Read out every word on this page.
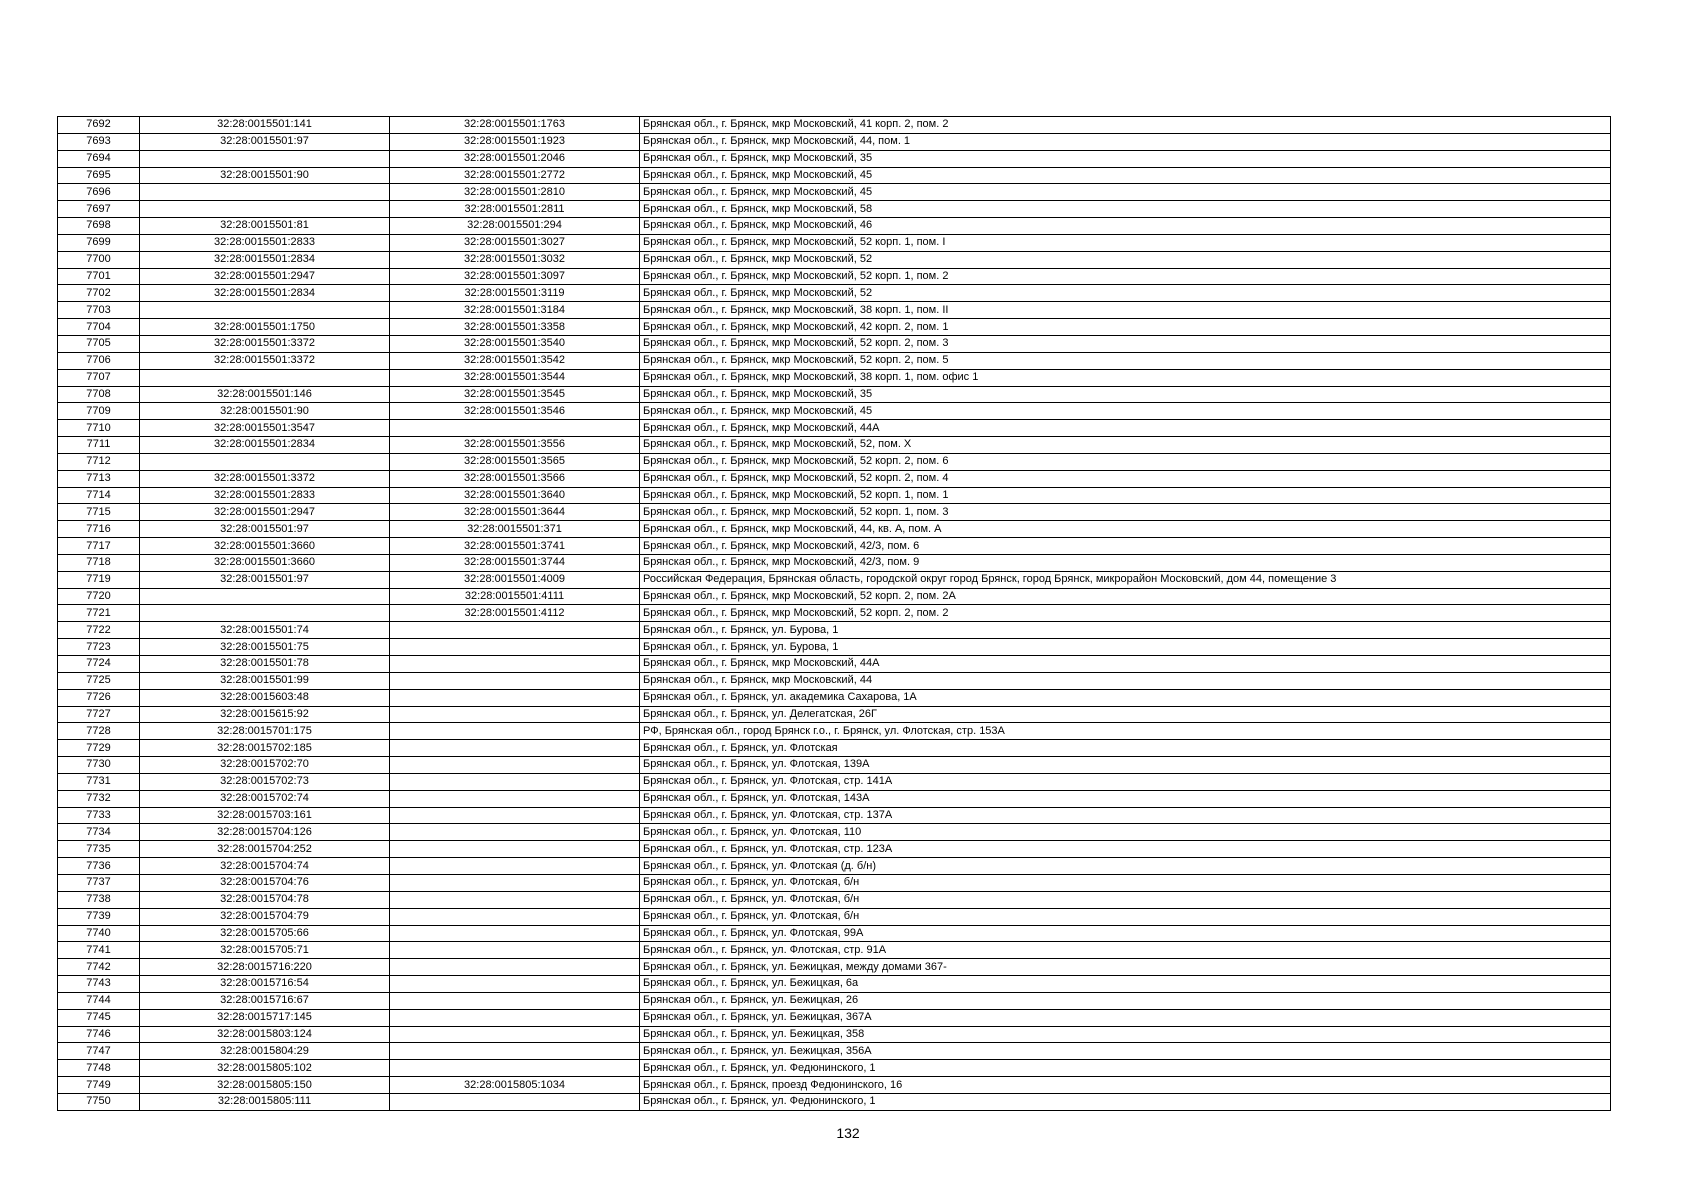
7692	32:28:0015501:141	32:28:0015501:1763	Брянская обл., г. Брянск, мкр Московский, 41 корп. 2, пом. 2
7693	32:28:0015501:97	32:28:0015501:1923	Брянская обл., г. Брянск, мкр Московский, 44, пом. 1
7694		32:28:0015501:2046	Брянская обл., г. Брянск, мкр Московский, 35
7695	32:28:0015501:90	32:28:0015501:2772	Брянская обл., г. Брянск, мкр Московский, 45
7696		32:28:0015501:2810	Брянская обл., г. Брянск, мкр Московский, 45
7697		32:28:0015501:2811	Брянская обл., г. Брянск, мкр Московский, 58
7698	32:28:0015501:81	32:28:0015501:294	Брянская обл., г. Брянск, мкр Московский, 46
7699	32:28:0015501:2833	32:28:0015501:3027	Брянская обл., г. Брянск, мкр Московский, 52 корп. 1, пом. I
7700	32:28:0015501:2834	32:28:0015501:3032	Брянская обл., г. Брянск, мкр Московский, 52
7701	32:28:0015501:2947	32:28:0015501:3097	Брянская обл., г. Брянск, мкр Московский, 52 корп. 1, пом. 2
7702	32:28:0015501:2834	32:28:0015501:3119	Брянская обл., г. Брянск, мкр Московский, 52
7703		32:28:0015501:3184	Брянская обл., г. Брянск, мкр Московский, 38 корп. 1, пом. II
7704	32:28:0015501:1750	32:28:0015501:3358	Брянская обл., г. Брянск, мкр Московский, 42 корп. 2, пом. 1
7705	32:28:0015501:3372	32:28:0015501:3540	Брянская обл., г. Брянск, мкр Московский, 52 корп. 2, пом. 3
7706	32:28:0015501:3372	32:28:0015501:3542	Брянская обл., г. Брянск, мкр Московский, 52 корп. 2, пом. 5
7707		32:28:0015501:3544	Брянская обл., г. Брянск, мкр Московский, 38 корп. 1, пом. офис 1
7708	32:28:0015501:146	32:28:0015501:3545	Брянская обл., г. Брянск, мкр Московский, 35
7709	32:28:0015501:90	32:28:0015501:3546	Брянская обл., г. Брянск, мкр Московский, 45
7710	32:28:0015501:3547		Брянская обл., г. Брянск, мкр Московский, 44А
7711	32:28:0015501:2834	32:28:0015501:3556	Брянская обл., г. Брянск, мкр Московский, 52, пом. X
7712		32:28:0015501:3565	Брянская обл., г. Брянск, мкр Московский, 52 корп. 2, пом. 6
7713	32:28:0015501:3372	32:28:0015501:3566	Брянская обл., г. Брянск, мкр Московский, 52 корп. 2, пом. 4
7714	32:28:0015501:2833	32:28:0015501:3640	Брянская обл., г. Брянск, мкр Московский, 52 корп. 1, пом. 1
7715	32:28:0015501:2947	32:28:0015501:3644	Брянская обл., г. Брянск, мкр Московский, 52 корп. 1, пом. 3
7716	32:28:0015501:97	32:28:0015501:371	Брянская обл., г. Брянск, мкр Московский, 44, кв. А, пом. А
7717	32:28:0015501:3660	32:28:0015501:3741	Брянская обл., г. Брянск, мкр Московский, 42/3, пом. 6
7718	32:28:0015501:3660	32:28:0015501:3744	Брянская обл., г. Брянск, мкр Московский, 42/3, пом. 9
7719	32:28:0015501:97	32:28:0015501:4009	Российская Федерация, Брянская область, городской округ город Брянск, город Брянск, микрорайон Московский, дом 44, помещение 3
7720		32:28:0015501:4111	Брянская обл., г. Брянск, мкр Московский, 52 корп. 2, пом. 2А
7721		32:28:0015501:4112	Брянская обл., г. Брянск, мкр Московский, 52 корп. 2, пом. 2
7722	32:28:0015501:74		Брянская обл., г. Брянск, ул. Бурова, 1
7723	32:28:0015501:75		Брянская обл., г. Брянск, ул. Бурова, 1
7724	32:28:0015501:78		Брянская обл., г. Брянск, мкр Московский, 44А
7725	32:28:0015501:99		Брянская обл., г. Брянск, мкр Московский, 44
7726	32:28:0015603:48		Брянская обл., г. Брянск, ул. академика Сахарова, 1А
7727	32:28:0015615:92		Брянская обл., г. Брянск, ул. Делегатская, 26Г
7728	32:28:0015701:175		РФ, Брянская обл., город Брянск г.о., г. Брянск, ул. Флотская, стр. 153А
7729	32:28:0015702:185		Брянская обл., г. Брянск, ул. Флотская
7730	32:28:0015702:70		Брянская обл., г. Брянск, ул. Флотская, 139А
7731	32:28:0015702:73		Брянская обл., г. Брянск, ул. Флотская, стр. 141А
7732	32:28:0015702:74		Брянская обл., г. Брянск, ул. Флотская, 143А
7733	32:28:0015703:161		Брянская обл., г. Брянск, ул. Флотская, стр. 137А
7734	32:28:0015704:126		Брянская обл., г. Брянск, ул. Флотская, 110
7735	32:28:0015704:252		Брянская обл., г. Брянск, ул. Флотская, стр. 123А
7736	32:28:0015704:74		Брянская обл., г. Брянск, ул. Флотская (д. б/н)
7737	32:28:0015704:76		Брянская обл., г. Брянск, ул. Флотская, б/н
7738	32:28:0015704:78		Брянская обл., г. Брянск, ул. Флотская, б/н
7739	32:28:0015704:79		Брянская обл., г. Брянск, ул. Флотская, б/н
7740	32:28:0015705:66		Брянская обл., г. Брянск, ул. Флотская, 99А
7741	32:28:0015705:71		Брянская обл., г. Брянск, ул. Флотская, стр. 91А
7742	32:28:0015716:220		Брянская обл., г. Брянск, ул. Бежицкая, между домами 367-
7743	32:28:0015716:54		Брянская обл., г. Брянск, ул. Бежицкая, 6а
7744	32:28:0015716:67		Брянская обл., г. Брянск, ул. Бежицкая, 26
7745	32:28:0015717:145		Брянская обл., г. Брянск, ул. Бежицкая, 367А
7746	32:28:0015803:124		Брянская обл., г. Брянск, ул. Бежицкая, 358
7747	32:28:0015804:29		Брянская обл., г. Брянск, ул. Бежицкая, 356А
7748	32:28:0015805:102		Брянская обл., г. Брянск, ул. Федюнинского, 1
7749	32:28:0015805:150	32:28:0015805:1034	Брянская обл., г. Брянск, проезд Федюнинского, 16
7750	32:28:0015805:111		Брянская обл., г. Брянск, ул. Федюнинского, 1
132
